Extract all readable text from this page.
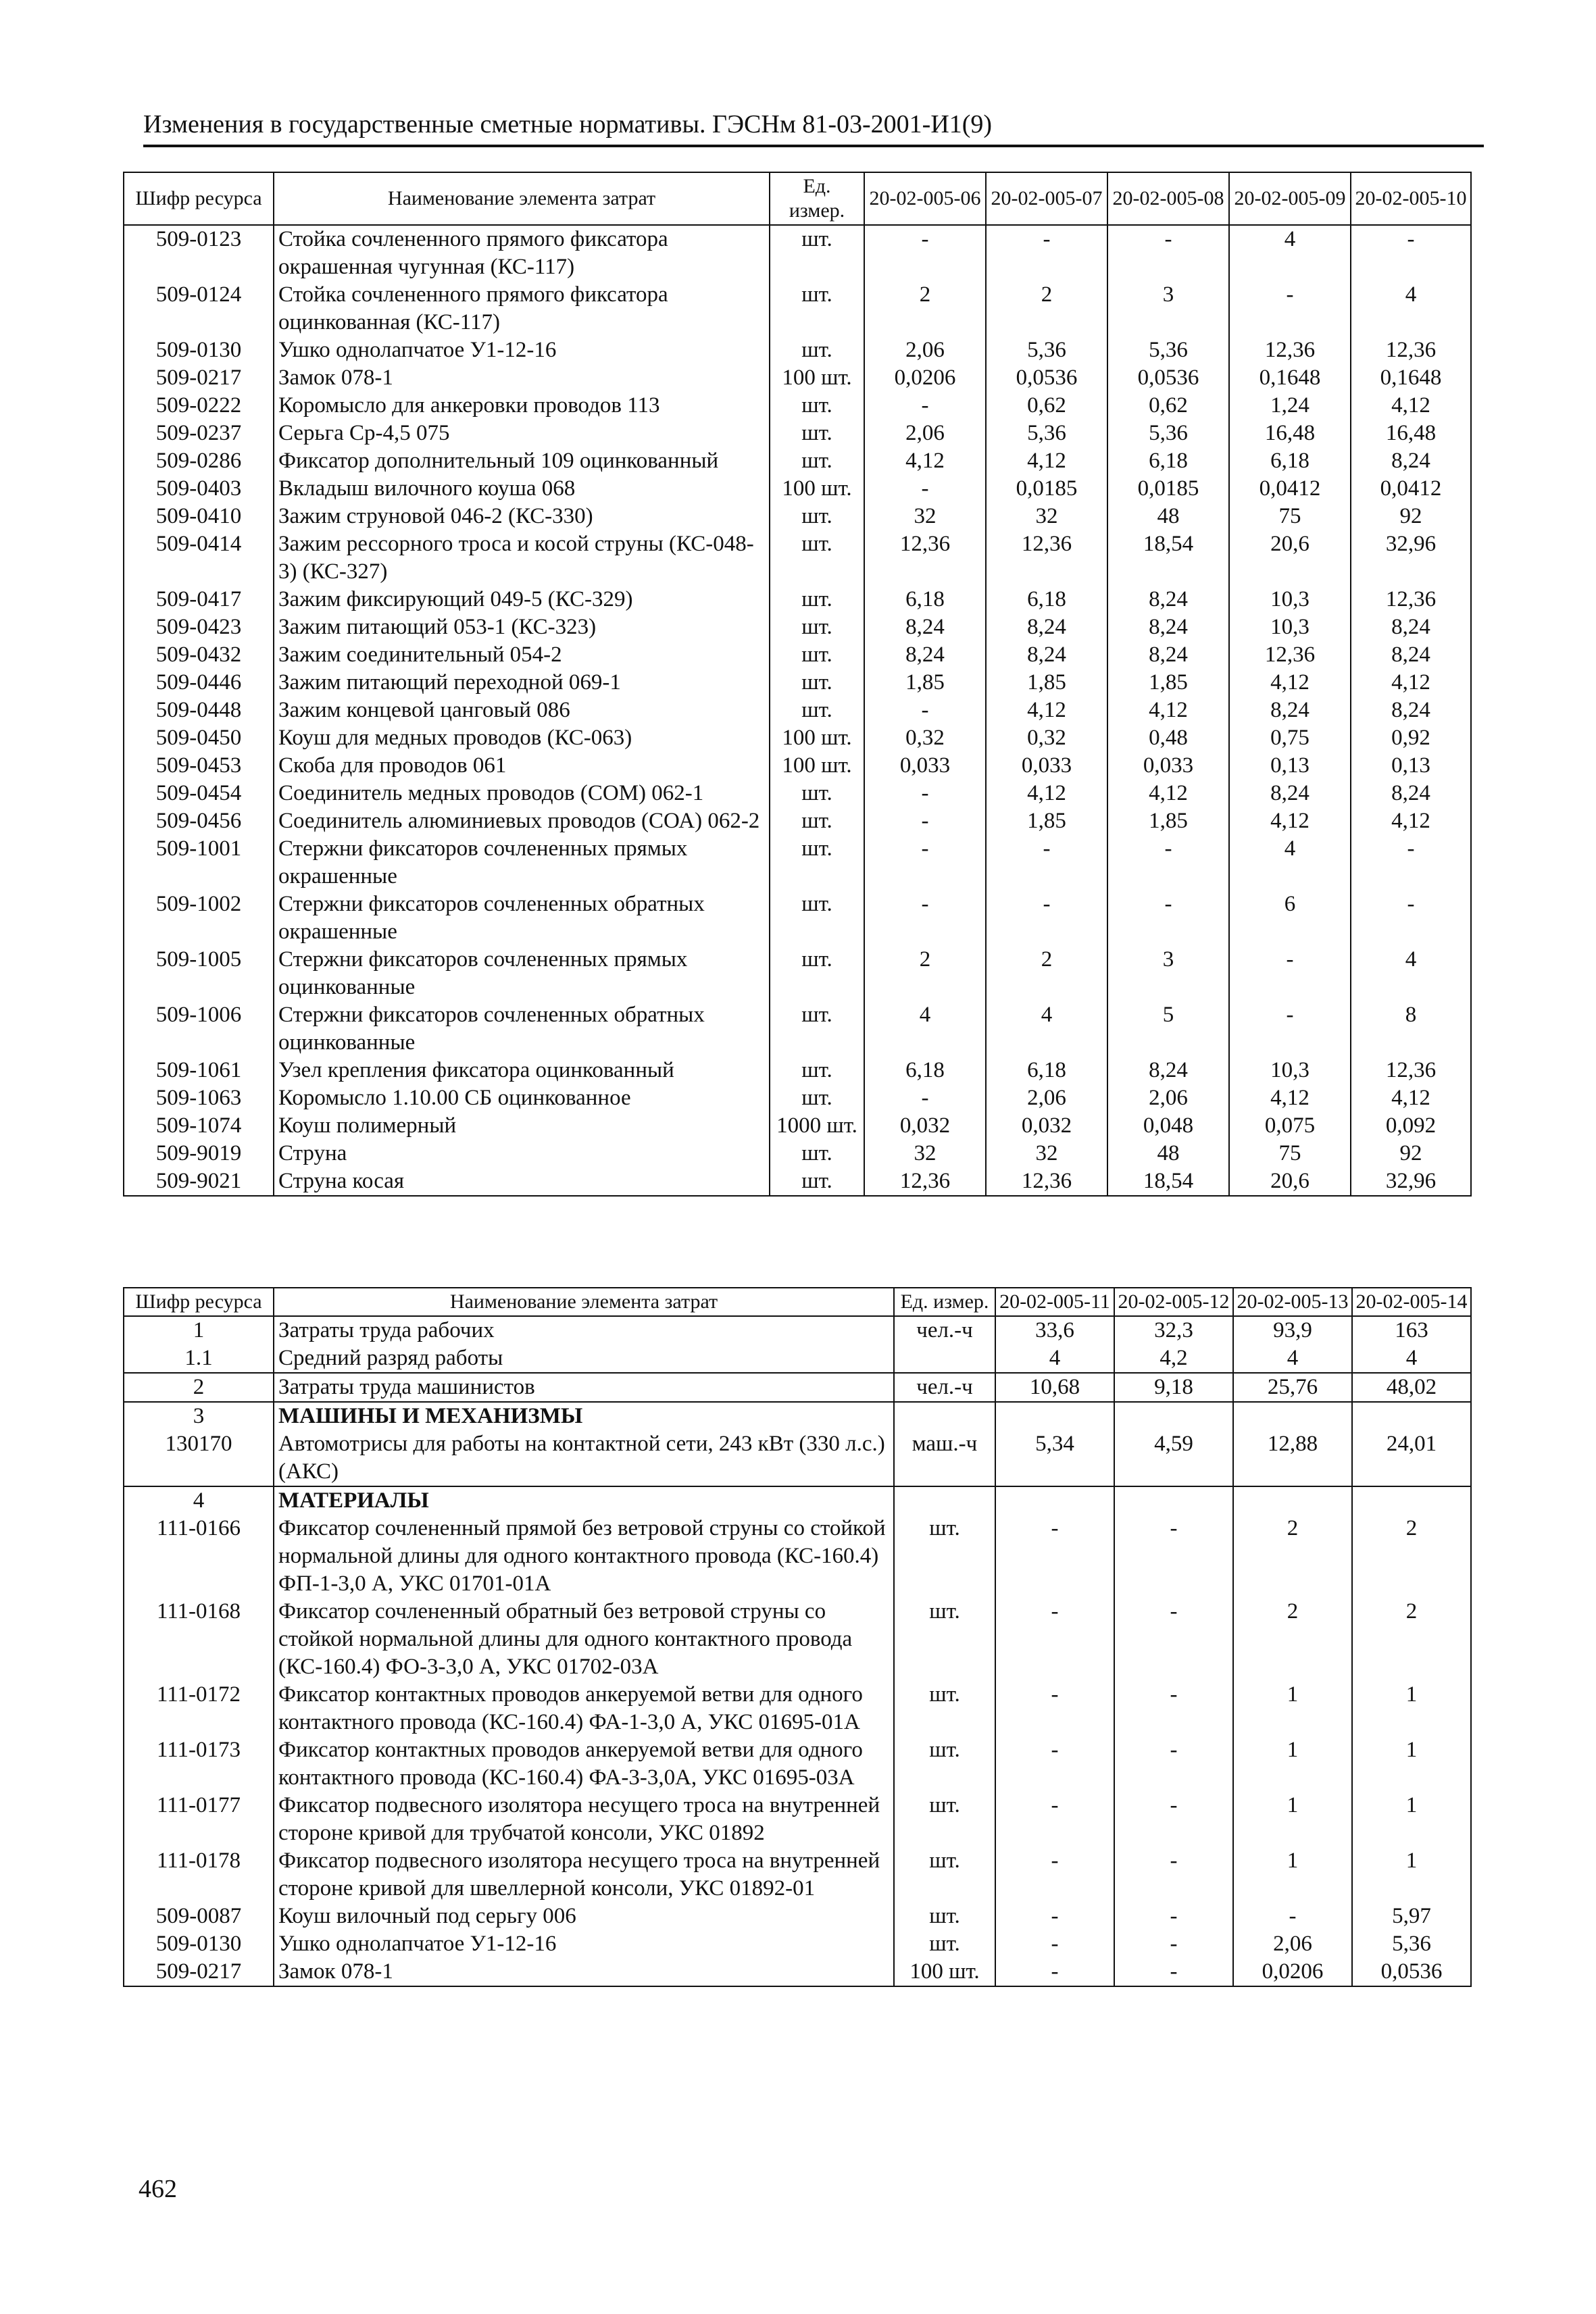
Изменения в государственные сметные нормативы. ГЭСНм 81-03-2001-И1(9)
Шифр ресурса	Наименование элемента затрат	Ед. измер.	20-02-005-06	20-02-005-07	20-02-005-08	20-02-005-09	20-02-005-10
509-0123	Стойка сочлененного прямого фиксатора окрашенная чугунная (КС-117)	шт.	-	-	-	4	-
509-0124	Стойка сочлененного прямого фиксатора оцинкованная (КС-117)	шт.	2	2	3	-	4
509-0130	Ушко однолапчатое У1-12-16	шт.	2,06	5,36	5,36	12,36	12,36
509-0217	Замок 078-1	100 шт.	0,0206	0,0536	0,0536	0,1648	0,1648
509-0222	Коромысло для анкеровки проводов 113	шт.	-	0,62	0,62	1,24	4,12
509-0237	Серьга Ср-4,5 075	шт.	2,06	5,36	5,36	16,48	16,48
509-0286	Фиксатор дополнительный 109 оцинкованный	шт.	4,12	4,12	6,18	6,18	8,24
509-0403	Вкладыш вилочного коуша 068	100 шт.	-	0,0185	0,0185	0,0412	0,0412
509-0410	Зажим струновой 046-2 (КС-330)	шт.	32	32	48	75	92
509-0414	Зажим рессорного троса и косой струны (КС-048-3) (КС-327)	шт.	12,36	12,36	18,54	20,6	32,96
509-0417	Зажим фиксирующий 049-5 (КС-329)	шт.	6,18	6,18	8,24	10,3	12,36
509-0423	Зажим питающий 053-1 (КС-323)	шт.	8,24	8,24	8,24	10,3	8,24
509-0432	Зажим соединительный 054-2	шт.	8,24	8,24	8,24	12,36	8,24
509-0446	Зажим питающий переходной 069-1	шт.	1,85	1,85	1,85	4,12	4,12
509-0448	Зажим концевой цанговый 086	шт.	-	4,12	4,12	8,24	8,24
509-0450	Коуш для медных проводов (КС-063)	100 шт.	0,32	0,32	0,48	0,75	0,92
509-0453	Скоба для проводов 061	100 шт.	0,033	0,033	0,033	0,13	0,13
509-0454	Соединитель медных проводов (СОМ) 062-1	шт.	-	4,12	4,12	8,24	8,24
509-0456	Соединитель алюминиевых проводов (СОА) 062-2	шт.	-	1,85	1,85	4,12	4,12
509-1001	Стержни фиксаторов сочлененных прямых окрашенные	шт.	-	-	-	4	-
509-1002	Стержни фиксаторов сочлененных обратных окрашенные	шт.	-	-	-	6	-
509-1005	Стержни фиксаторов сочлененных прямых оцинкованные	шт.	2	2	3	-	4
509-1006	Стержни фиксаторов сочлененных обратных оцинкованные	шт.	4	4	5	-	8
509-1061	Узел крепления фиксатора оцинкованный	шт.	6,18	6,18	8,24	10,3	12,36
509-1063	Коромысло 1.10.00 СБ оцинкованное	шт.	-	2,06	2,06	4,12	4,12
509-1074	Коуш полимерный	1000 шт.	0,032	0,032	0,048	0,075	0,092
509-9019	Струна	шт.	32	32	48	75	92
509-9021	Струна косая	шт.	12,36	12,36	18,54	20,6	32,96
Шифр ресурса	Наименование элемента затрат	Ед. измер.	20-02-005-11	20-02-005-12	20-02-005-13	20-02-005-14
1	Затраты труда рабочих	чел.-ч	33,6	32,3	93,9	163
1.1	Средний разряд работы		4	4,2	4	4
2	Затраты труда машинистов	чел.-ч	10,68	9,18	25,76	48,02
3	МАШИНЫ И МЕХАНИЗМЫ					
130170	Автомотрисы для работы на контактной сети, 243 кВт (330 л.с.) (АКС)	маш.-ч	5,34	4,59	12,88	24,01
4	МАТЕРИАЛЫ					
111-0166	Фиксатор сочлененный прямой без ветровой струны со стойкой нормальной длины для одного контактного провода (КС-160.4) ФП-1-3,0 А, УКС 01701-01А	шт.	-	-	2	2
111-0168	Фиксатор сочлененный обратный без ветровой струны со стойкой нормальной длины для одного контактного провода (КС-160.4) ФО-3-3,0 А, УКС 01702-03А	шт.	-	-	2	2
111-0172	Фиксатор контактных проводов анкеруемой ветви для одного контактного провода (КС-160.4) ФА-1-3,0 А, УКС 01695-01А	шт.	-	-	1	1
111-0173	Фиксатор контактных проводов анкеруемой ветви для одного контактного провода (КС-160.4) ФА-3-3,0А, УКС 01695-03А	шт.	-	-	1	1
111-0177	Фиксатор подвесного изолятора несущего троса на внутренней стороне кривой для трубчатой консоли, УКС 01892	шт.	-	-	1	1
111-0178	Фиксатор подвесного изолятора несущего троса на внутренней стороне кривой для швеллерной консоли, УКС 01892-01	шт.	-	-	1	1
509-0087	Коуш вилочный под серьгу 006	шт.	-	-	-	5,97
509-0130	Ушко однолапчатое У1-12-16	шт.	-	-	2,06	5,36
509-0217	Замок 078-1	100 шт.	-	-	0,0206	0,0536
462
